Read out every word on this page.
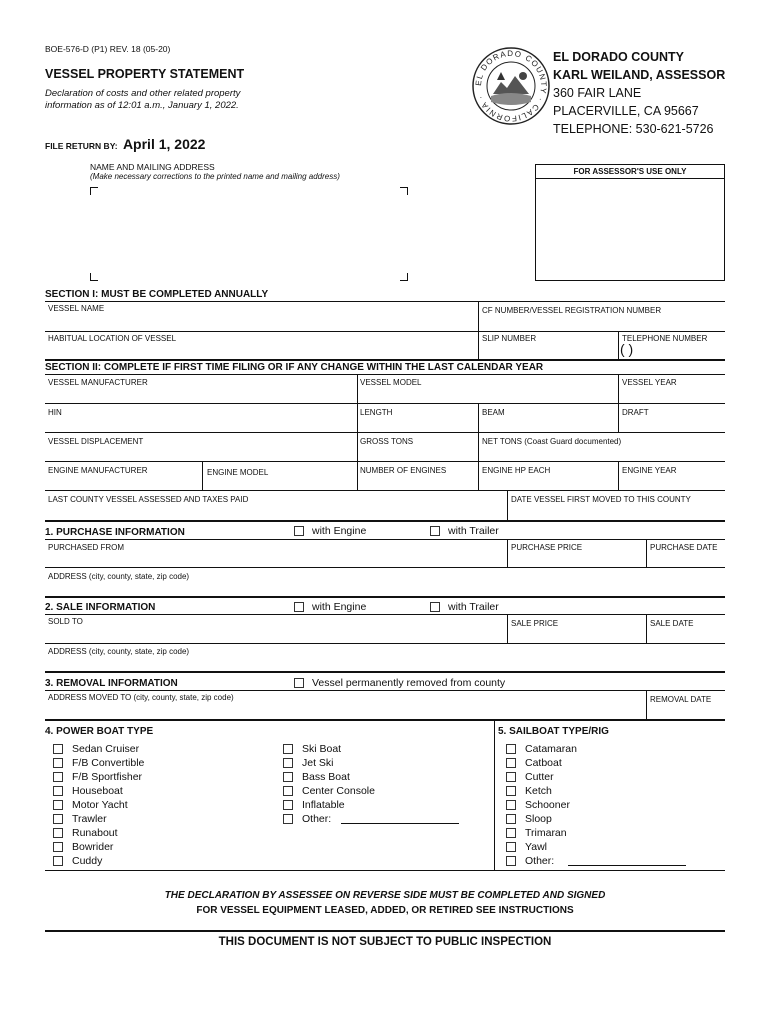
BOE-576-D (P1) REV. 18 (05-20)
VESSEL PROPERTY STATEMENT
Declaration of costs and other related property information as of 12:01 a.m., January 1, 2022.
EL DORADO COUNTY · CALIFORNIA ·
EL DORADO COUNTY
KARL WEILAND, ASSESSOR
360 FAIR LANE
PLACERVILLE, CA 95667
TELEPHONE: 530-621-5726
FILE RETURN BY: April 1, 2022
NAME AND MAILING ADDRESS
(Make necessary corrections to the printed name and mailing address)
FOR ASSESSOR'S USE ONLY
SECTION I: MUST BE COMPLETED ANNUALLY
VESSEL NAME	CF NUMBER/VESSEL REGISTRATION NUMBER
HABITUAL LOCATION OF VESSEL	SLIP NUMBER	TELEPHONE NUMBER
( )
SECTION II: COMPLETE IF FIRST TIME FILING OR IF ANY CHANGE WITHIN THE LAST CALENDAR YEAR
VESSEL MANUFACTURER	VESSEL MODEL	VESSEL YEAR
HIN	LENGTH	BEAM	DRAFT
VESSEL DISPLACEMENT	GROSS TONS	NET TONS (Coast Guard documented)
ENGINE MANUFACTURER	ENGINE MODEL	NUMBER OF ENGINES	ENGINE HP EACH	ENGINE YEAR
LAST COUNTY VESSEL ASSESSED AND TAXES PAID	DATE VESSEL FIRST MOVED TO THIS COUNTY
1. PURCHASE INFORMATION	with Engine	with Trailer
PURCHASED FROM	PURCHASE PRICE	PURCHASE DATE
ADDRESS (city, county, state, zip code)
2. SALE INFORMATION	with Engine	with Trailer
SOLD TO	SALE PRICE	SALE DATE
ADDRESS (city, county, state, zip code)
3. REMOVAL INFORMATION	Vessel permanently removed from county
ADDRESS MOVED TO (city, county, state, zip code)	REMOVAL DATE
4. POWER BOAT TYPE	5. SAILBOAT TYPE/RIG
Sedan Cruiser
F/B Convertible
F/B Sportfisher
Houseboat
Motor Yacht
Trawler
Runabout
Bowrider
Cuddy
Ski Boat
Jet Ski
Bass Boat
Center Console
Inflatable
Other:
Catamaran
Catboat
Cutter
Ketch
Schooner
Sloop
Trimaran
Yawl
Other:
THE DECLARATION BY ASSESSEE ON REVERSE SIDE MUST BE COMPLETED AND SIGNED
FOR VESSEL EQUIPMENT LEASED, ADDED, OR RETIRED SEE INSTRUCTIONS
THIS DOCUMENT IS NOT SUBJECT TO PUBLIC INSPECTION
